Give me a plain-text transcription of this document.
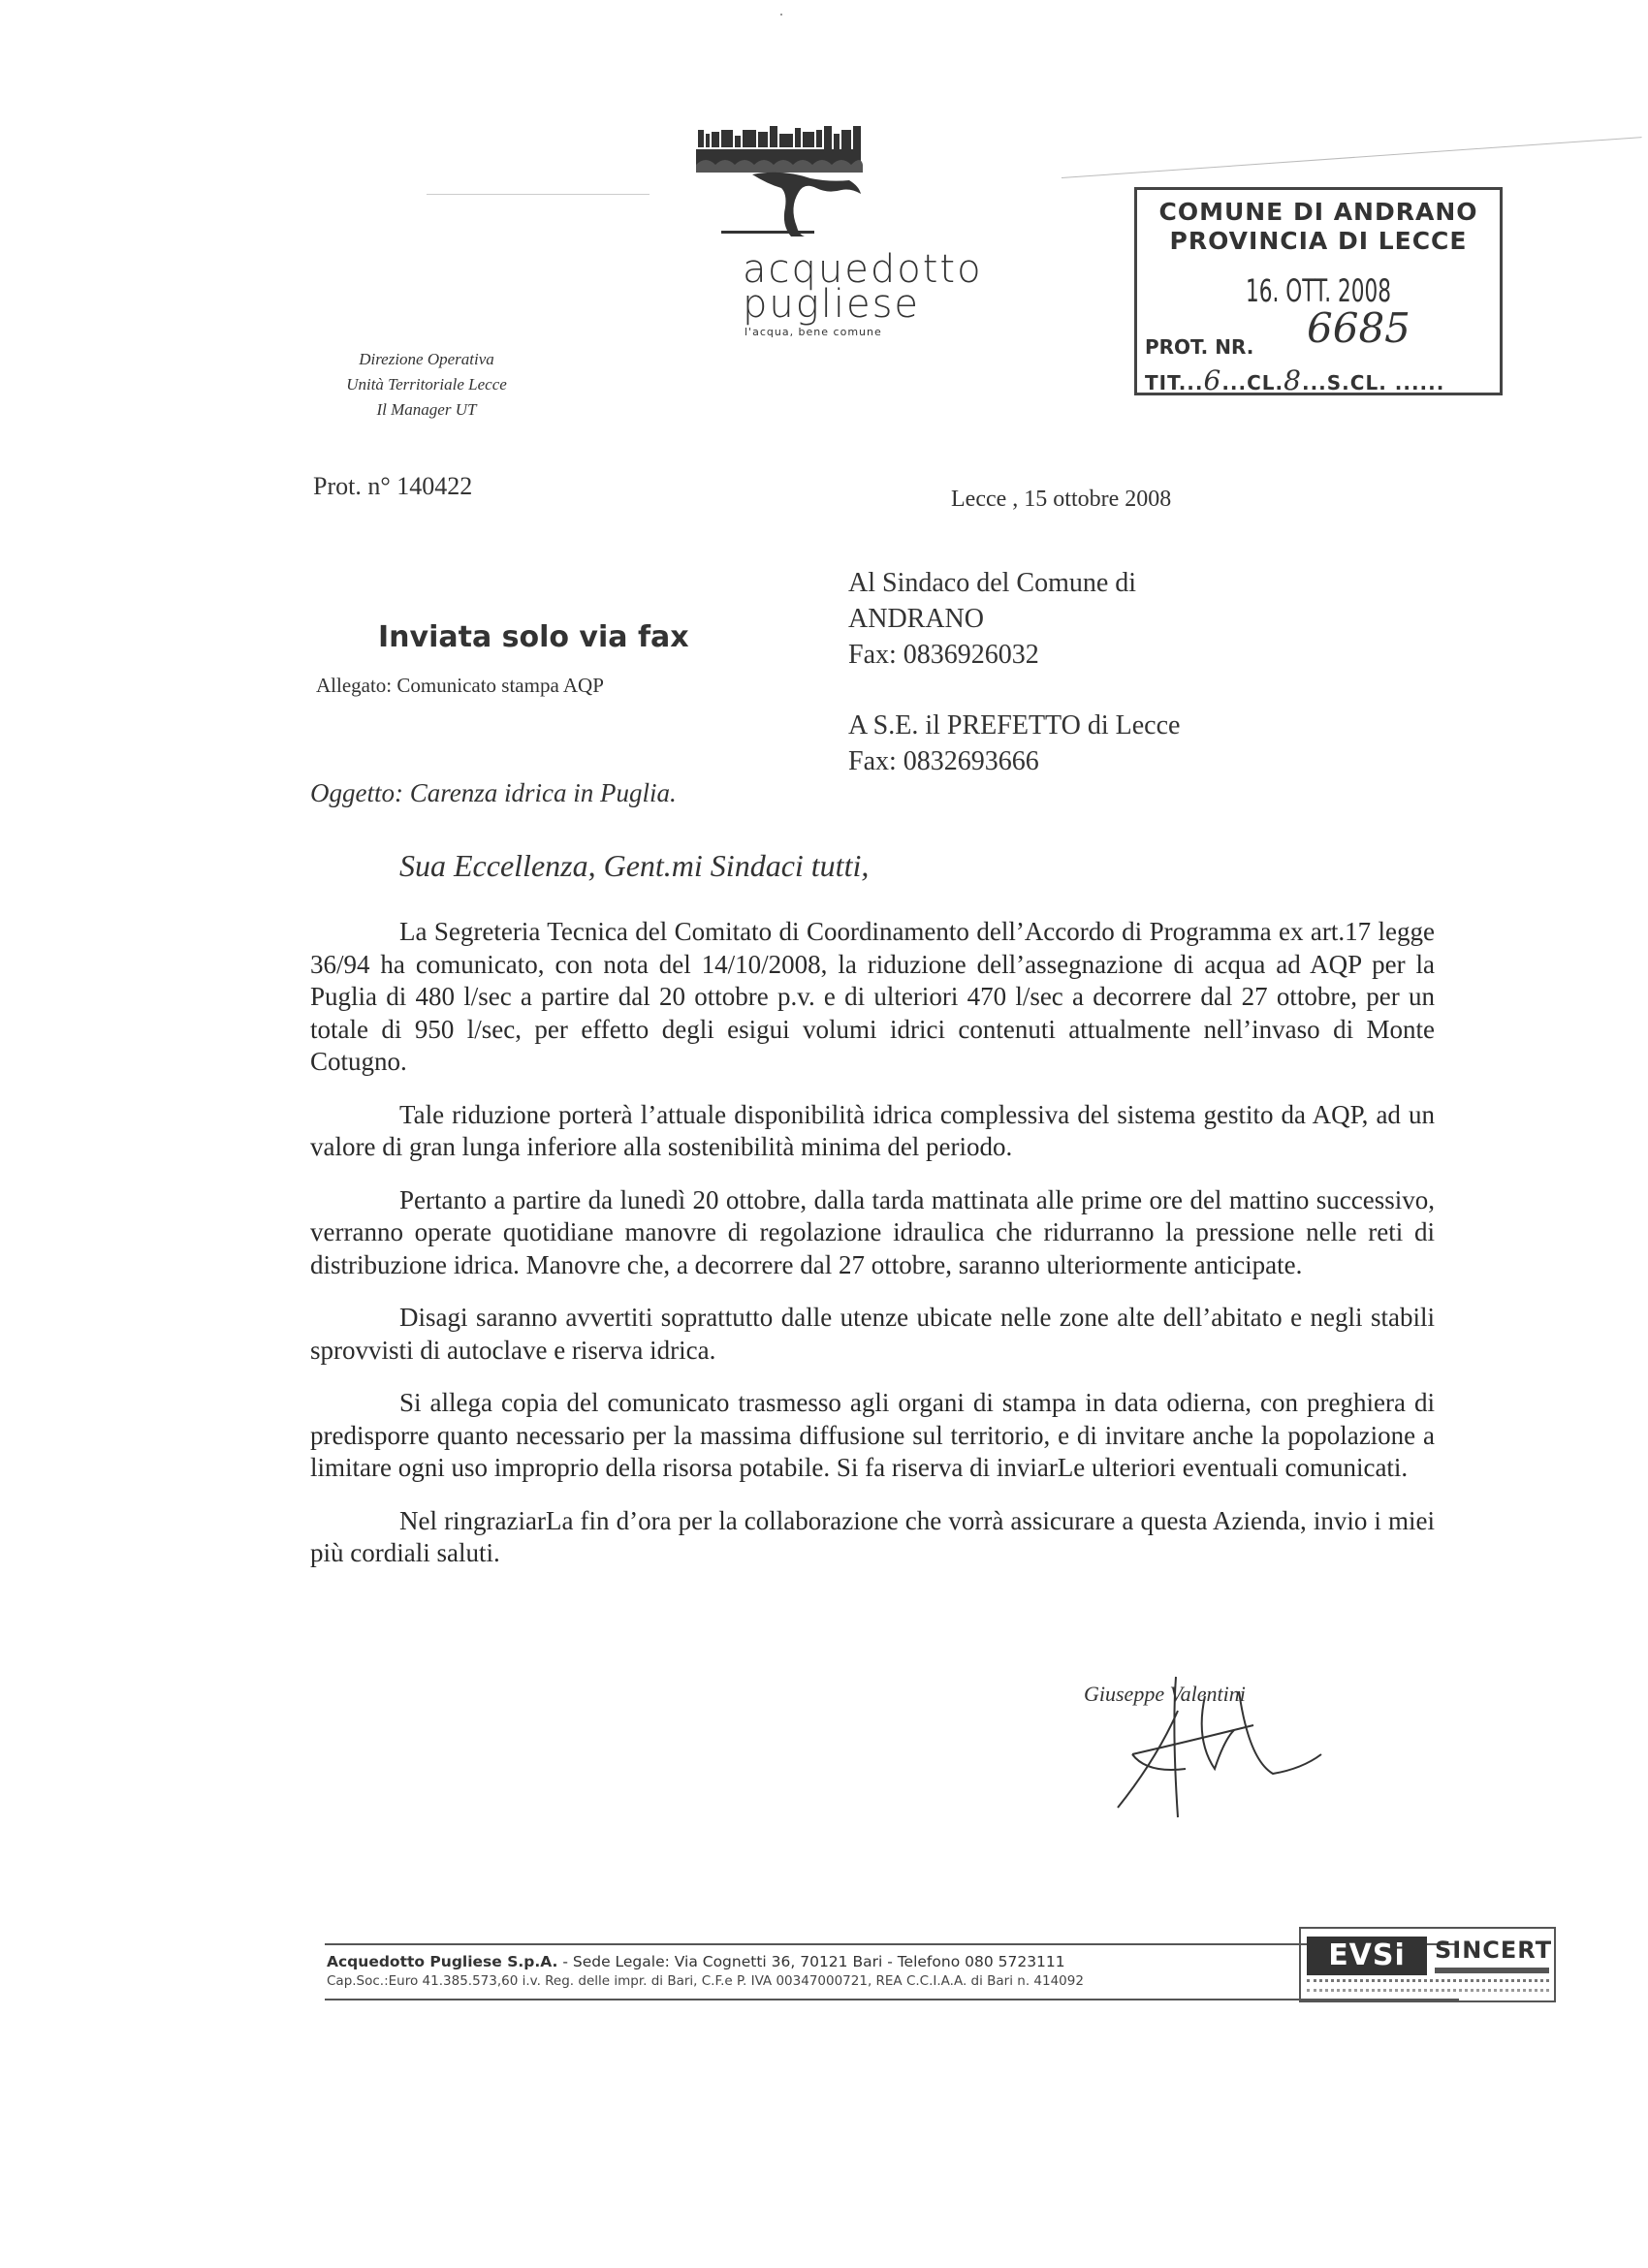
acquedotto
pugliese
l'acqua, bene comune
COMUNE DI ANDRANO
PROVINCIA DI LECCE
16. OTT. 2008
6685
PROT. NR.
TIT...6...CL.8...S.CL. ......
Direzione Operativa
Unità Territoriale Lecce
Il Manager UT
Prot. n° 140422	Lecce , 15 ottobre 2008
Al Sindaco del Comune di
ANDRANO
Fax: 0836926032
A S.E. il PREFETTO di Lecce
Fax: 0832693666
Inviata solo via fax
Allegato: Comunicato stampa AQP
Oggetto: Carenza idrica in Puglia.
Sua Eccellenza, Gent.mi Sindaci tutti,

La Segreteria Tecnica del Comitato di Coordinamento dell’Accordo di Programma ex art.17 legge 36/94 ha comunicato, con nota del 14/10/2008, la riduzione dell’assegnazione di acqua ad AQP per la Puglia di 480 l/sec a partire dal 20 ottobre p.v. e di ulteriori 470 l/sec a decorrere dal 27 ottobre, per un totale di 950 l/sec, per effetto degli esigui volumi idrici contenuti attualmente nell’invaso di Monte Cotugno.

Tale riduzione porterà l’attuale disponibilità idrica complessiva del sistema gestito da AQP, ad un valore di gran lunga inferiore alla sostenibilità minima del periodo.

Pertanto a partire da lunedì 20 ottobre, dalla tarda mattinata alle prime ore del mattino successivo, verranno operate quotidiane manovre di regolazione idraulica che ridurranno la pressione nelle reti di distribuzione idrica. Manovre che, a decorrere dal 27 ottobre, saranno ulteriormente anticipate.

Disagi saranno avvertiti soprattutto dalle utenze ubicate nelle zone alte dell’abitato e negli stabili sprovvisti di autoclave e riserva idrica.

Si allega copia del comunicato trasmesso agli organi di stampa in data odierna, con preghiera di predisporre quanto necessario per la massima diffusione sul territorio, e di invitare anche la popolazione a limitare ogni uso improprio della risorsa potabile. Si fa riserva di inviarLe ulteriori eventuali comunicati.

Nel ringraziarLa fin d’ora per la collaborazione che vorrà assicurare a questa Azienda, invio i miei più cordiali saluti.

Giuseppe Valentini
Acquedotto Pugliese S.p.A. - Sede Legale: Via Cognetti 36, 70121 Bari - Telefono 080 5723111
Cap.Soc.:Euro 41.385.573,60 i.v. Reg. delle impr. di Bari, C.F.e P. IVA 00347000721, REA C.C.I.A.A. di Bari n. 414092
EVSi	SINCERT
